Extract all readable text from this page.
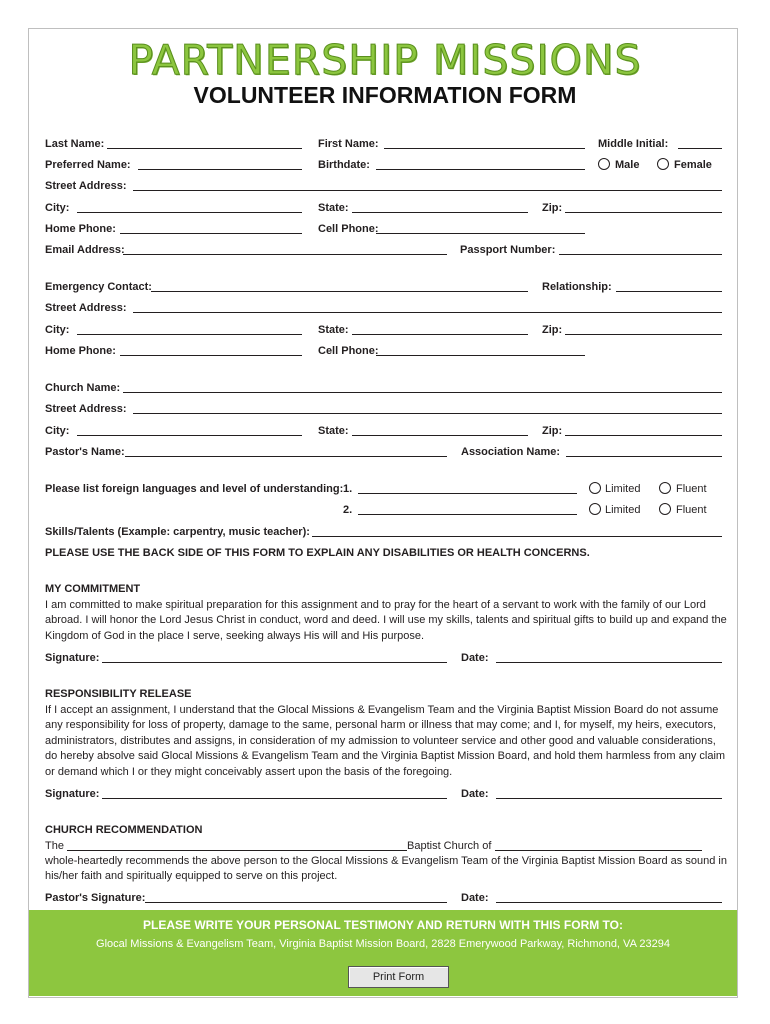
PARTNERSHIP MISSIONS
VOLUNTEER INFORMATION FORM
Last Name:	First Name:	Middle Initial:
Preferred Name:	Birthdate:	Male	Female
Street Address:
City:	State:	Zip:
Home Phone:	Cell Phone:
Email Address:	Passport Number:
Emergency Contact:	Relationship:
Street Address:
City:	State:	Zip:
Home Phone:	Cell Phone:
Church Name:
Street Address:
City:	State:	Zip:
Pastor's Name:	Association Name:
Please list foreign languages and level of understanding: 1.	Limited	Fluent
2.	Limited	Fluent
Skills/Talents (Example: carpentry, music teacher):
PLEASE USE THE BACK SIDE OF THIS FORM TO EXPLAIN ANY DISABILITIES OR HEALTH CONCERNS.
MY COMMITMENT
I am committed to make spiritual preparation for this assignment and to pray for the heart of a servant to work with the family of our Lord abroad. I will honor the Lord Jesus Christ in conduct, word and deed. I will use my skills, talents and spiritual gifts to build up and expand the Kingdom of God in the place I serve, seeking always His will and His purpose.
Signature:	Date:
RESPONSIBILITY RELEASE
If I accept an assignment, I understand that the Glocal Missions & Evangelism Team and the Virginia Baptist Mission Board do not assume any responsibility for loss of property, damage to the same, personal harm or illness that may come; and I, for myself, my heirs, executors, administrators, distributes and assigns, in consideration of my admission to volunteer service and other good and valuable considerations, do hereby absolve said Glocal Missions & Evangelism Team and the Virginia Baptist Mission Board, and hold them harmless from any claim or demand which I or they might conceivably assert upon the basis of the foregoing.
Signature:	Date:
CHURCH RECOMMENDATION
The	Baptist Church of
whole-heartedly recommends the above person to the Glocal Missions & Evangelism Team of the Virginia Baptist Mission Board as sound in his/her faith and spiritually equipped to serve on this project.
Pastor's Signature:	Date:
PLEASE WRITE YOUR PERSONAL TESTIMONY AND RETURN WITH THIS FORM TO:
Glocal Missions & Evangelism Team, Virginia Baptist Mission Board, 2828 Emerywood Parkway, Richmond, VA 23294
Print Form
